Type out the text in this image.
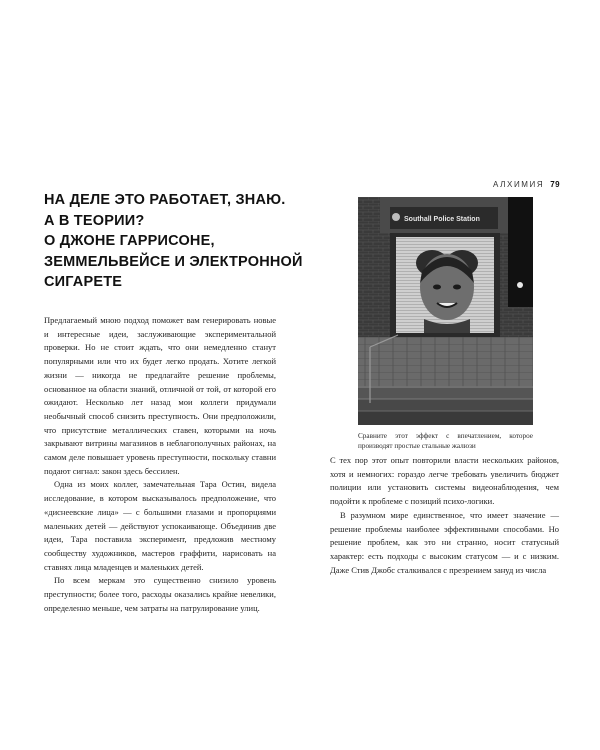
АЛХИМИЯ 79
НА ДЕЛЕ ЭТО РАБОТАЕТ, ЗНАЮ.
А В ТЕОРИИ?
О ДЖОНЕ ГАРРИСОНЕ,
ЗЕММЕЛЬВЕЙСЕ И ЭЛЕКТРОННОЙ
СИГАРЕТЕ

Предлагаемый мною подход поможет вам генерировать новые и интересные идеи, заслуживающие экспериментальной проверки. Но не стоит ждать, что они немедленно станут популярными или что их будет легко продать. Хотите легкой жизни — никогда не предлагайте решение проблемы, основанное на области знаний, отличной от той, от которой его ожидают. Несколько лет назад мои коллеги придумали необычный способ снизить преступность. Они предположили, что присутствие металлических ставен, которыми на ночь закрывают витрины магазинов в неблагополучных районах, на самом деле повышает уровень преступности, поскольку ставни подают сигнал: закон здесь бессилен.

Одна из моих коллег, замечательная Тара Остин, видела исследование, в котором высказывалось предположение, что «диснеевские лица» — с большими глазами и пропорциями маленьких детей — действуют успокаивающе. Объединив две идеи, Тара поставила эксперимент, предложив местному сообществу художников, мастеров граффити, нарисовать на ставнях лица младенцев и маленьких детей.

По всем меркам это существенно снизило уровень преступности; более того, расходы оказались крайне невелики, определенно меньше, чем затраты на патрулирование улиц.

Southall Police Station
Сравните этот эффект с впечатлением, которое производят простые стальные жалюзи

С тех пор этот опыт повторили власти нескольких районов, хотя и немногих: гораздо легче требовать увеличить бюджет полиции или установить системы видеонаблюдения, чем подойти к проблеме с позиций психо-логики.

В разумном мире единственное, что имеет значение — решение проблемы наиболее эффективными способами. Но решение проблем, как это ни странно, носит статусный характер: есть подходы с высоким статусом — и с низким. Даже Стив Джобс сталкивался с презрением зануд из числа
